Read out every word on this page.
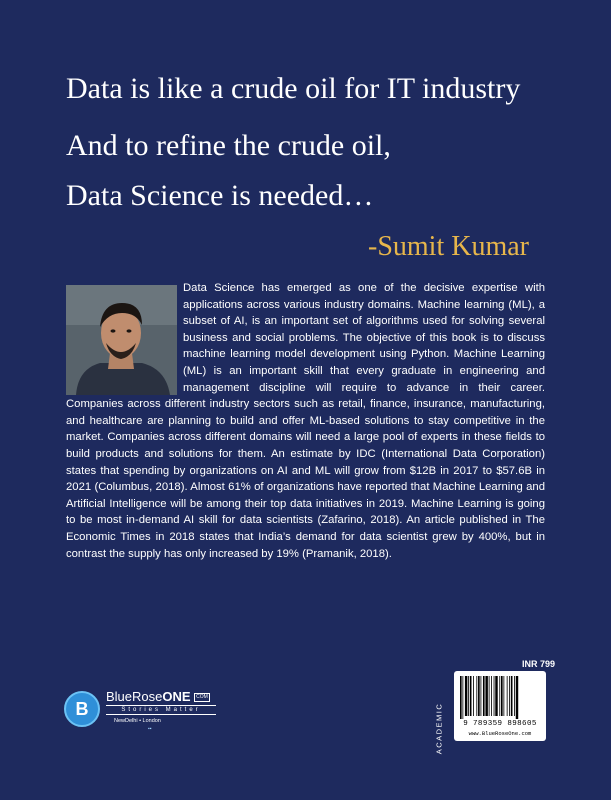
Data is like a crude oil for IT industry
And to refine the crude oil,
Data Science is needed…
-Sumit Kumar

Data Science has emerged as one of the decisive expertise with applications across various industry domains. Machine learning (ML), a subset of AI, is an important set of algorithms used for solving several business and social problems. The objective of this book is to discuss machine learning model development using Python. Machine Learning (ML) is an important skill that every graduate in engineering and management discipline will require to advance in their career. Companies across different industry sectors such as retail, finance, insurance, manufacturing, and healthcare are planning to build and offer ML-based solutions to stay competitive in the market. Companies across different domains will need a large pool of experts in these fields to build products and solutions for them. An estimate by IDC (International Data Corporation) states that spending by organizations on AI and ML will grow from $12B in 2017 to $57.6B in 2021 (Columbus, 2018). Almost 61% of organizations have reported that Machine Learning and Artificial Intelligence will be among their top data initiatives in 2019. Machine Learning is going to be most in-demand AI skill for data scientists (Zafarino, 2018). An article published in The Economic Times in 2018 states that India’s demand for data scientist grew by 400%, but in contrast the supply has only increased by 19% (Pramanik, 2018).

B
BlueRoseONE COM
Stories Matter
NewDelhi • London
▪▪
INR 799
ACADEMIC	9 789359 898605
www.BlueRoseOne.com
